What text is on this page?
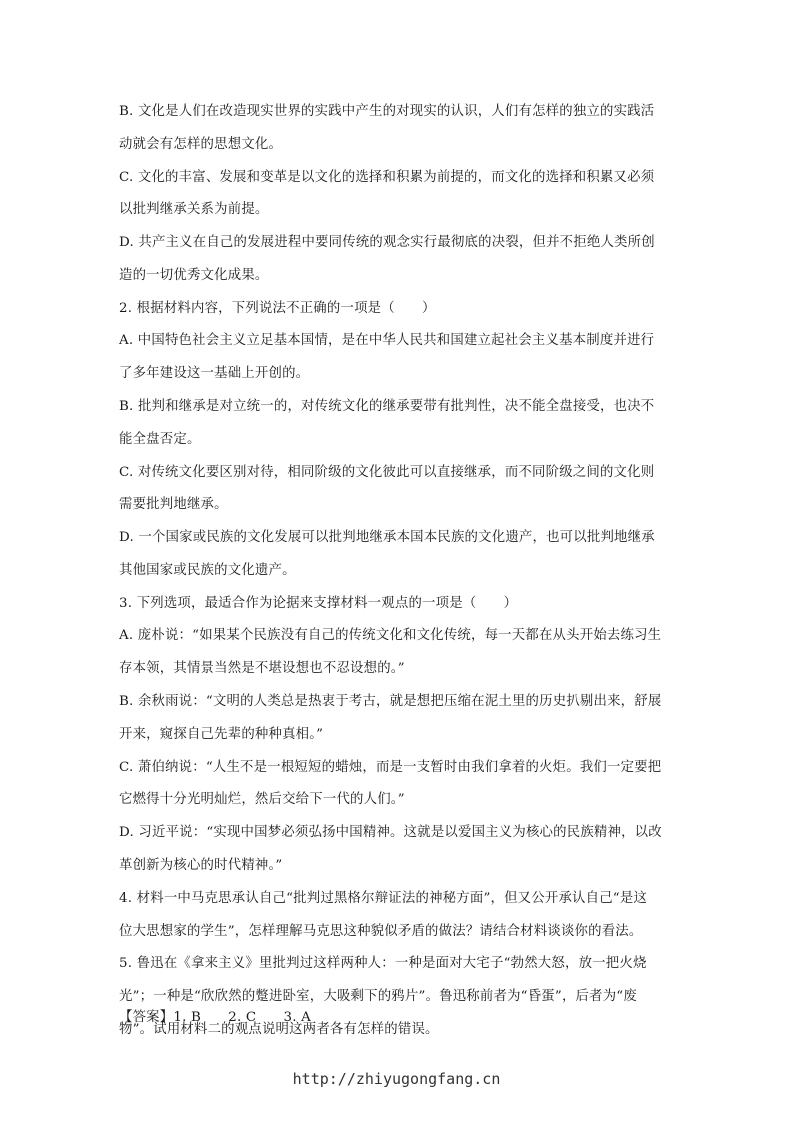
B. 文化是人们在改造现实世界的实践中产生的对现实的认识，人们有怎样的独立的实践活
动就会有怎样的思想文化。
C. 文化的丰富、发展和变革是以文化的选择和积累为前提的，而文化的选择和积累又必须
以批判继承关系为前提。
D. 共产主义在自己的发展进程中要同传统的观念实行最彻底的决裂，但并不拒绝人类所创
造的一切优秀文化成果。
2. 根据材料内容，下列说法不正确的一项是（　　）
A. 中国特色社会主义立足基本国情，是在中华人民共和国建立起社会主义基本制度并进行
了多年建设这一基础上开创的。
B. 批判和继承是对立统一的，对传统文化的继承要带有批判性，决不能全盘接受，也决不
能全盘否定。
C. 对传统文化要区别对待，相同阶级的文化彼此可以直接继承，而不同阶级之间的文化则
需要批判地继承。
D. 一个国家或民族的文化发展可以批判地继承本国本民族的文化遗产，也可以批判地继承
其他国家或民族的文化遗产。
3. 下列选项，最适合作为论据来支撑材料一观点的一项是（　　）
A. 庞朴说：“如果某个民族没有自己的传统文化和文化传统，每一天都在从头开始去练习生
存本领，其情景当然是不堪设想也不忍设想的。”
B. 余秋雨说：“文明的人类总是热衷于考古，就是想把压缩在泥土里的历史扒剔出来，舒展
开来，窥探自己先辈的种种真相。”
C. 萧伯纳说：“人生不是一根短短的蜡烛，而是一支暂时由我们拿着的火炬。我们一定要把
它燃得十分光明灿烂，然后交给下一代的人们。”
D. 习近平说：“实现中国梦必须弘扬中国精神。这就是以爱国主义为核心的民族精神，以改
革创新为核心的时代精神。”
4. 材料一中马克思承认自己“批判过黑格尔辩证法的神秘方面”，但又公开承认自己“是这
位大思想家的学生”，怎样理解马克思这种貌似矛盾的做法？请结合材料谈谈你的看法。
5. 鲁迅在《拿来主义》里批判过这样两种人：一种是面对大宅子“勃然大怒，放一把火烧
光”；一种是“欣欣然的蹩进卧室，大吸剩下的鸦片”。鲁迅称前者为“昏蛋”，后者为“废
物”。试用材料二的观点说明这两者各有怎样的错误。
【答案】1. B　　2. C　　3. A
http://zhiyugongfang.cn
